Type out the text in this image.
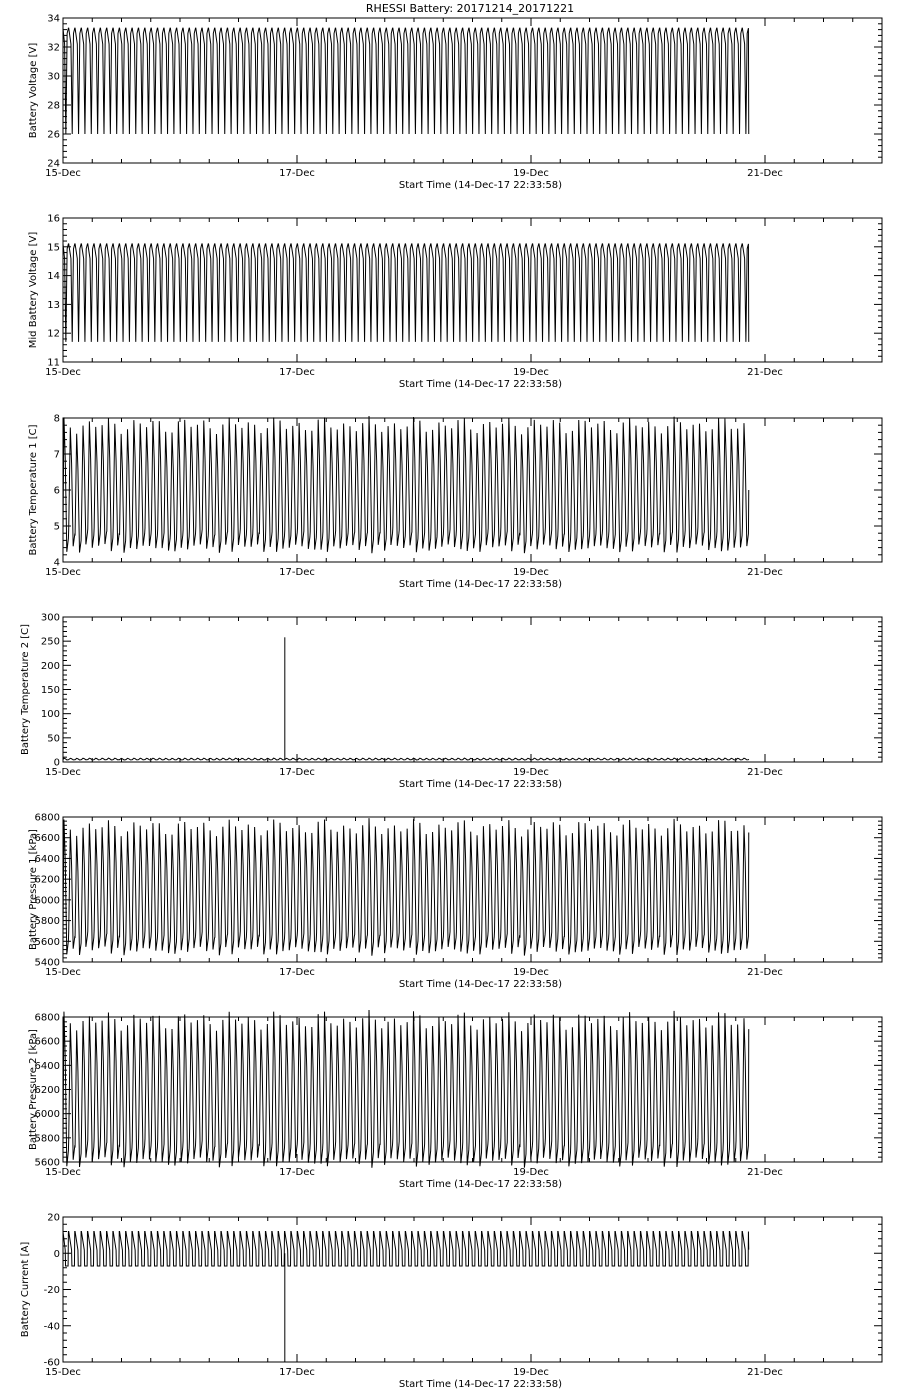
RHESSI Battery: 20171214_20171221
24
26
28
30
32
34
Battery Voltage [V]
15-Dec	17-Dec	19-Dec	21-Dec
Start Time (14-Dec-17 22:33:58)
11
12
13
14
15
16
Mid Battery Voltage [V]
15-Dec	17-Dec	19-Dec	21-Dec
Start Time (14-Dec-17 22:33:58)
4
5
6
7
8
Battery Temperature 1 [C]
15-Dec	17-Dec	19-Dec	21-Dec
Start Time (14-Dec-17 22:33:58)
0
50
100
150
200
250
300
Battery Temperature 2 [C]
15-Dec	17-Dec	19-Dec	21-Dec
Start Time (14-Dec-17 22:33:58)
5400
5600
5800
6000
6200
6400
6600
6800
Battery Pressure 1 [kPa]
15-Dec	17-Dec	19-Dec	21-Dec
Start Time (14-Dec-17 22:33:58)
5600
5800
6000
6200
6400
6600
6800
Battery Pressure 2 [kPa]
15-Dec	17-Dec	19-Dec	21-Dec
Start Time (14-Dec-17 22:33:58)
-60
-40
-20
0
20
Battery Current [A]
15-Dec	17-Dec	19-Dec	21-Dec
Start Time (14-Dec-17 22:33:58)
